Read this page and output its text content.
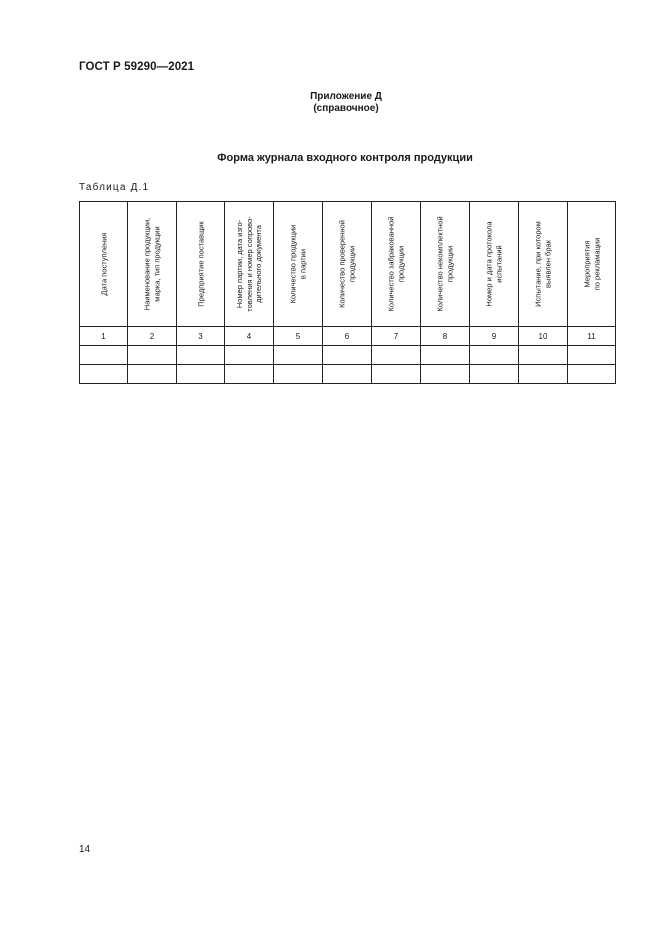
ГОСТ Р 59290—2021
Приложение Д
(справочное)
Форма журнала входного контроля продукции
Таблица Д.1
Дата поступления	Наименование продукции,
марка, тип продукции	Предприятие поставщик	Номер партии, дата изго-
товления и номер сопрово-
дительного документа	Количество продукции
в партии	Количество проверенной
продукции	Количество забракованной
продукции	Количество некомплектной
продукции	Номер и дата протокола
испытаний	Испытание, при котором
выявлен брак	Мероприятия
по рекламации

1	2	3	4	5	6	7	8	9	10	11

14
